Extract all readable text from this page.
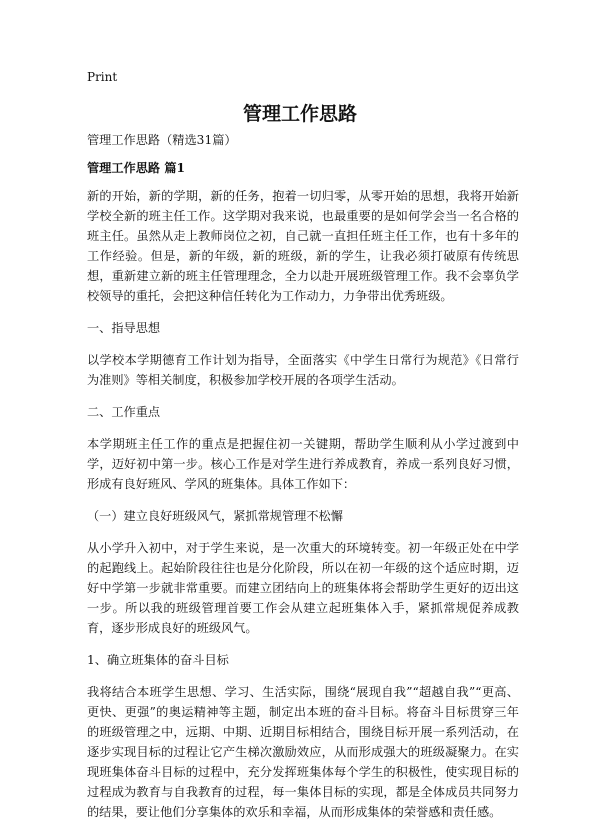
Print
管理工作思路

管理工作思路（精选31篇）

管理工作思路 篇1

新的开始，新的学期，新的任务，抱着一切归零，从零开始的思想，我将开始新学校全新的班主任工作。这学期对我来说，也最重要的是如何学会当一名合格的班主任。虽然从走上教师岗位之初，自己就一直担任班主任工作，也有十多年的工作经验。但是，新的年级，新的班级，新的学生，让我必须打破原有传统思想，重新建立新的班主任管理理念，全力以赴开展班级管理工作。我不会辜负学校领导的重托，会把这种信任转化为工作动力，力争带出优秀班级。

一、指导思想

以学校本学期德育工作计划为指导，全面落实《中学生日常行为规范》《日常行为准则》等相关制度，积极参加学校开展的各项学生活动。

二、工作重点

本学期班主任工作的重点是把握住初一关键期，帮助学生顺利从小学过渡到中学，迈好初中第一步。核心工作是对学生进行养成教育，养成一系列良好习惯，形成有良好班风、学风的班集体。具体工作如下：

（一）建立良好班级风气，紧抓常规管理不松懈

从小学升入初中，对于学生来说，是一次重大的环境转变。初一年级正处在中学的起跑线上。起始阶段往往也是分化阶段，所以在初一年级的这个适应时期，迈好中学第一步就非常重要。而建立团结向上的班集体将会帮助学生更好的迈出这一步。所以我的班级管理首要工作会从建立起班集体入手，紧抓常规促养成教育，逐步形成良好的班级风气。

1、确立班集体的奋斗目标

我将结合本班学生思想、学习、生活实际，围绕“展现自我”“超越自我”“更高、更快、更强”的奥运精神等主题，制定出本班的奋斗目标。将奋斗目标贯穿三年的班级管理之中，远期、中期、近期目标相结合，围绕目标开展一系列活动，在逐步实现目标的过程让它产生梯次激励效应，从而形成强大的班级凝聚力。在实现班集体奋斗目标的过程中，充分发挥班集体每个学生的积极性，使实现目标的过程成为教育与自我教育的过程，每一集体目标的实现，都是全体成员共同努力的结果，要让他们分享集体的欢乐和幸福，从而形成集体的荣誉感和责任感。
